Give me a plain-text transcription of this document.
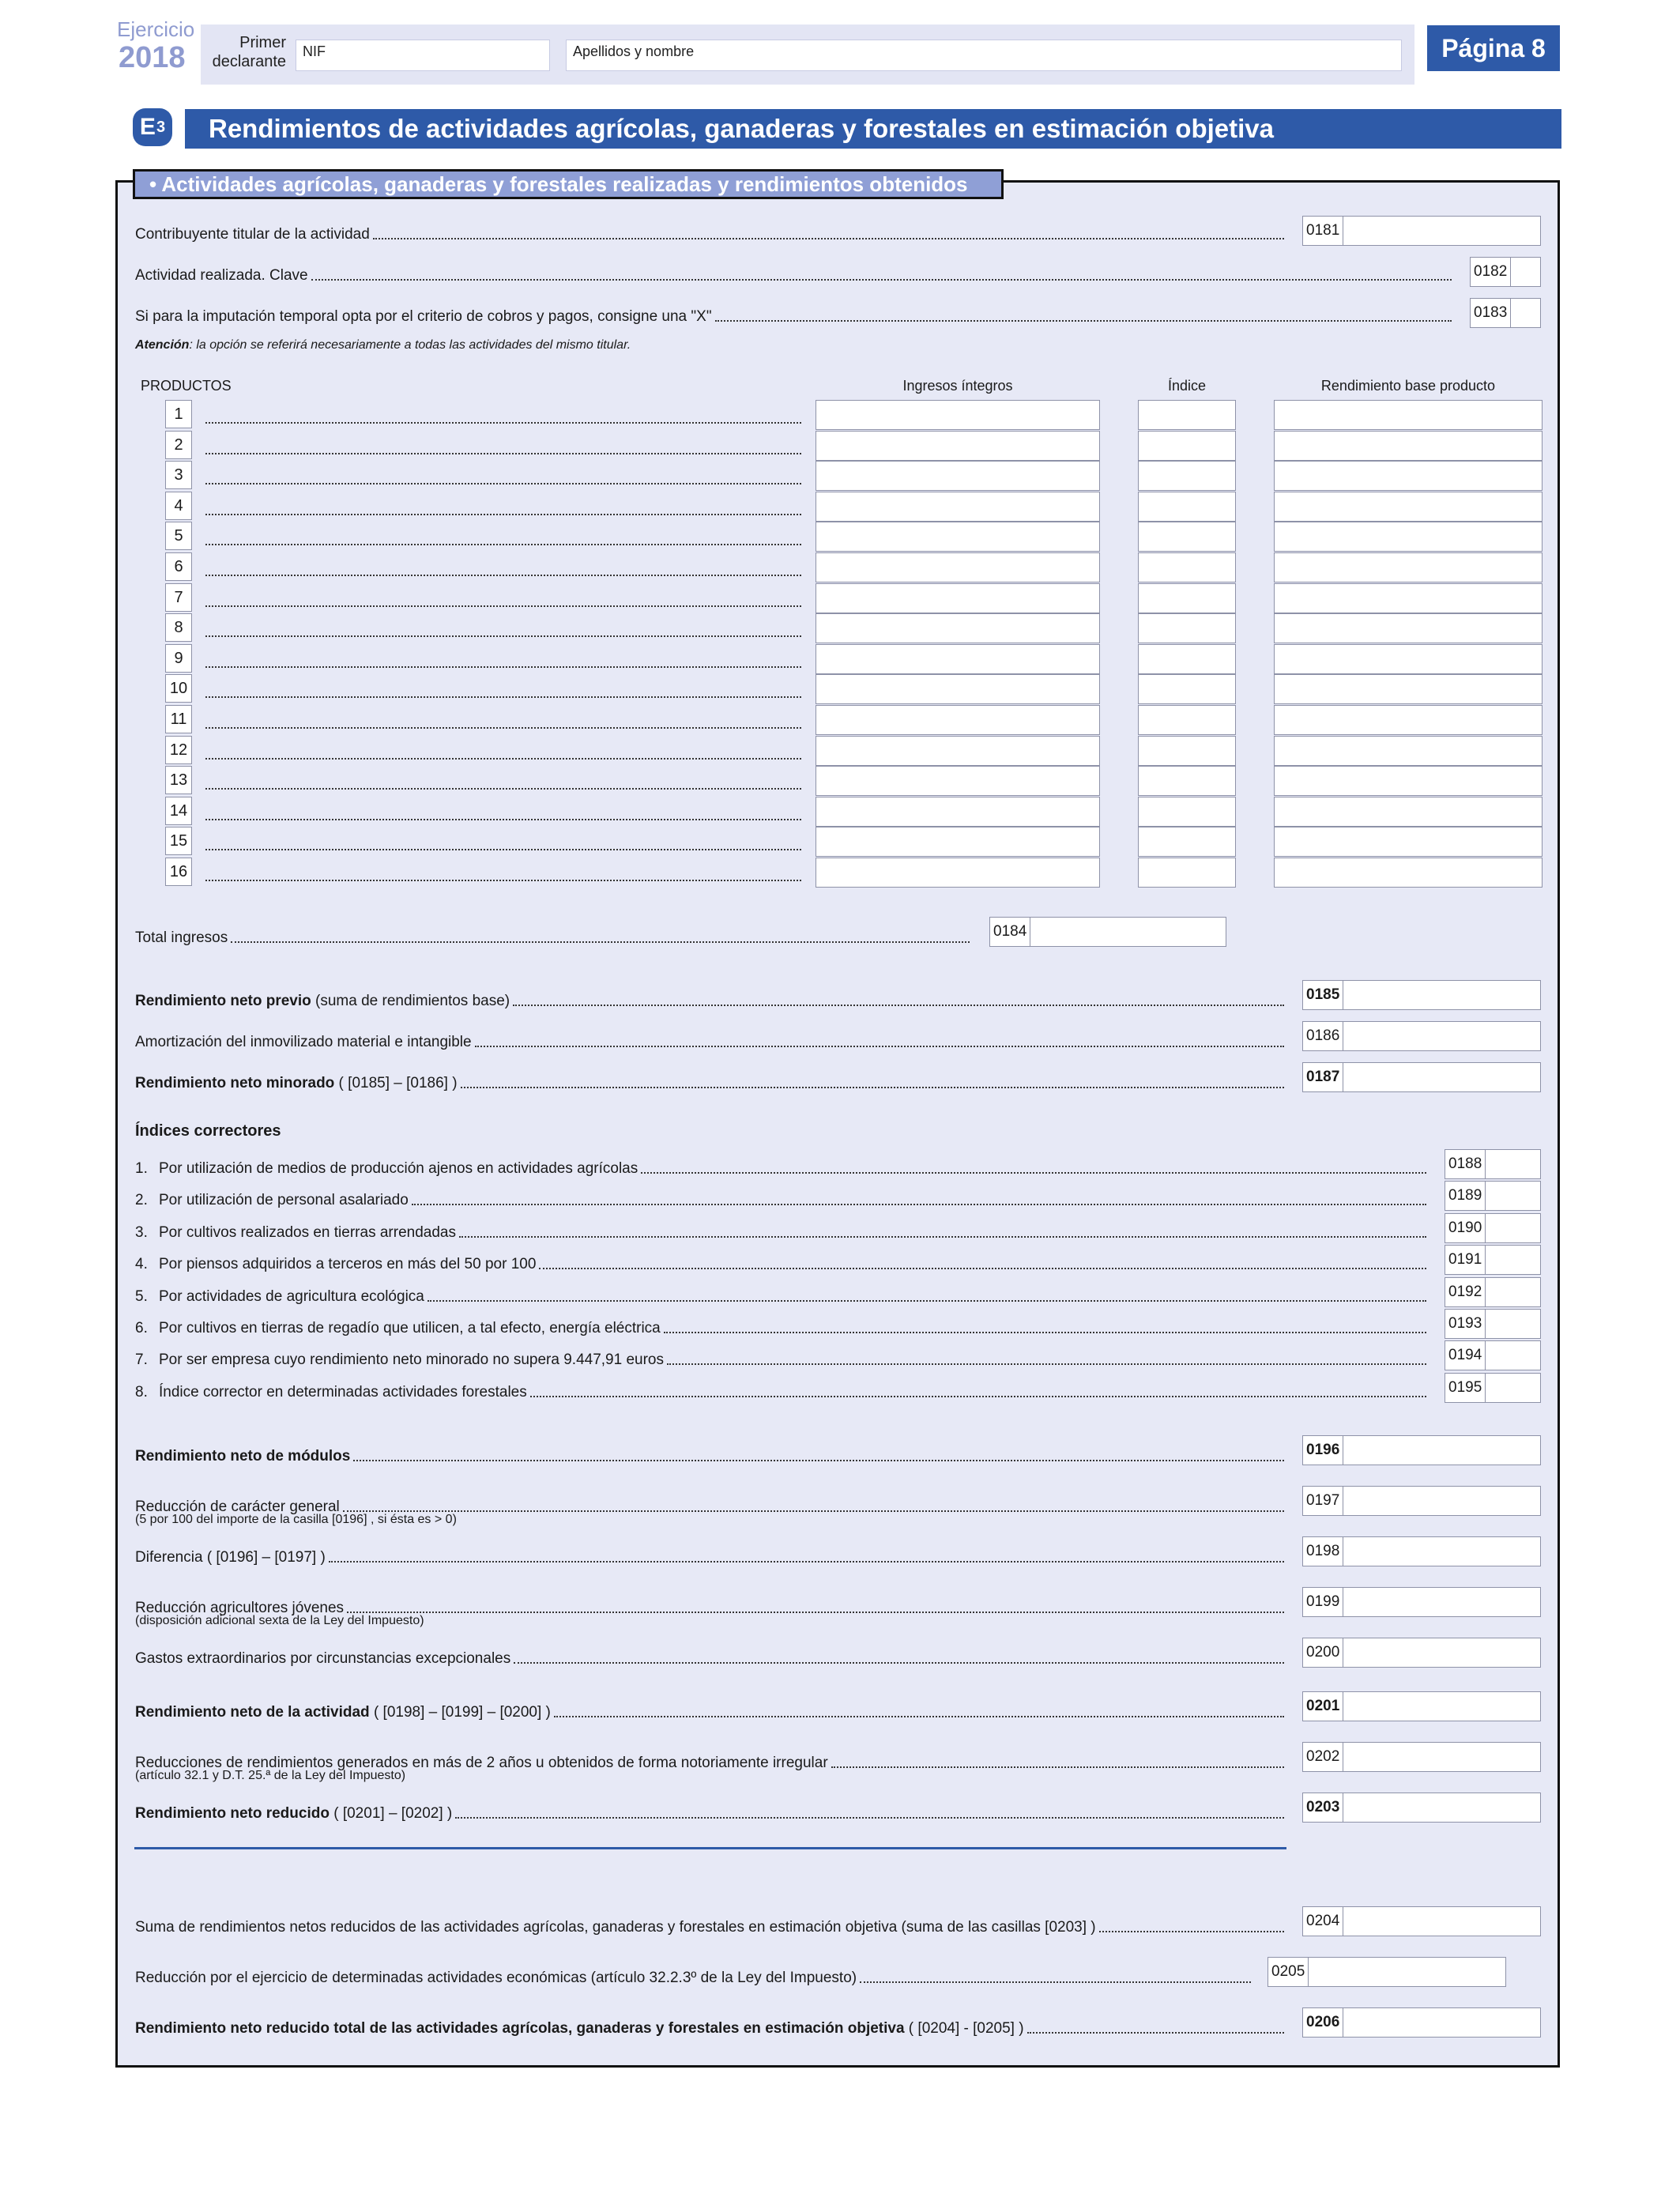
Ejercicio
2018	Primer declarante
NIF	Apellidos y nombre	Página 8
E 3	Rendimientos de actividades agrícolas, ganaderas y forestales en estimación objetiva
• Actividades agrícolas, ganaderas y forestales realizadas y rendimientos obtenidos
Contribuyente titular de la actividad	0181
Actividad realizada. Clave	0182
Si para la imputación temporal opta por el criterio de cobros y pagos, consigne una "X"	0183
Atención: la opción se referirá necesariamente a todas las actividades del mismo titular.
PRODUCTOS	Ingresos íntegros	Índice	Rendimiento base producto
1
2
3
4
5
6
7
8
9
10
11
12
13
14
15
16
Total ingresos	0184
Rendimiento neto previo (suma de rendimientos base)	0185
Amortización del inmovilizado material e intangible	0186
Rendimiento neto minorado ( [0185] – [0186] )	0187
Índices correctores
1. Por utilización de medios de producción ajenos en actividades agrícolas	0188
2. Por utilización de personal asalariado	0189
3. Por cultivos realizados en tierras arrendadas	0190
4. Por piensos adquiridos a terceros en más del 50 por 100	0191
5. Por actividades de agricultura ecológica	0192
6. Por cultivos en tierras de regadío que utilicen, a tal efecto, energía eléctrica	0193
7. Por ser empresa cuyo rendimiento neto minorado no supera 9.447,91 euros	0194
8. Índice corrector en determinadas actividades forestales	0195
Rendimiento neto de módulos	0196
Reducción de carácter general
(5 por 100 del importe de la casilla [0196] , si ésta es > 0)
0197
Diferencia ( [0196] – [0197] )	0198
Reducción agricultores jóvenes
(disposición adicional sexta de la Ley del Impuesto)
0199
Gastos extraordinarios por circunstancias excepcionales	0200
Rendimiento neto de la actividad ( [0198] – [0199] – [0200] )	0201
Reducciones de rendimientos generados en más de 2 años u obtenidos de forma notoriamente irregular
(artículo 32.1 y D.T. 25.ª de la Ley del Impuesto)
0202
Rendimiento neto reducido ( [0201] – [0202] )	0203
Suma de rendimientos netos reducidos de las actividades agrícolas, ganaderas y forestales en estimación objetiva (suma de las casillas [0203] )	0204
Reducción por el ejercicio de determinadas actividades económicas (artículo 32.2.3º de la Ley del Impuesto)	0205
Rendimiento neto reducido total de las actividades agrícolas, ganaderas y forestales en estimación objetiva ( [0204] - [0205] )	0206
